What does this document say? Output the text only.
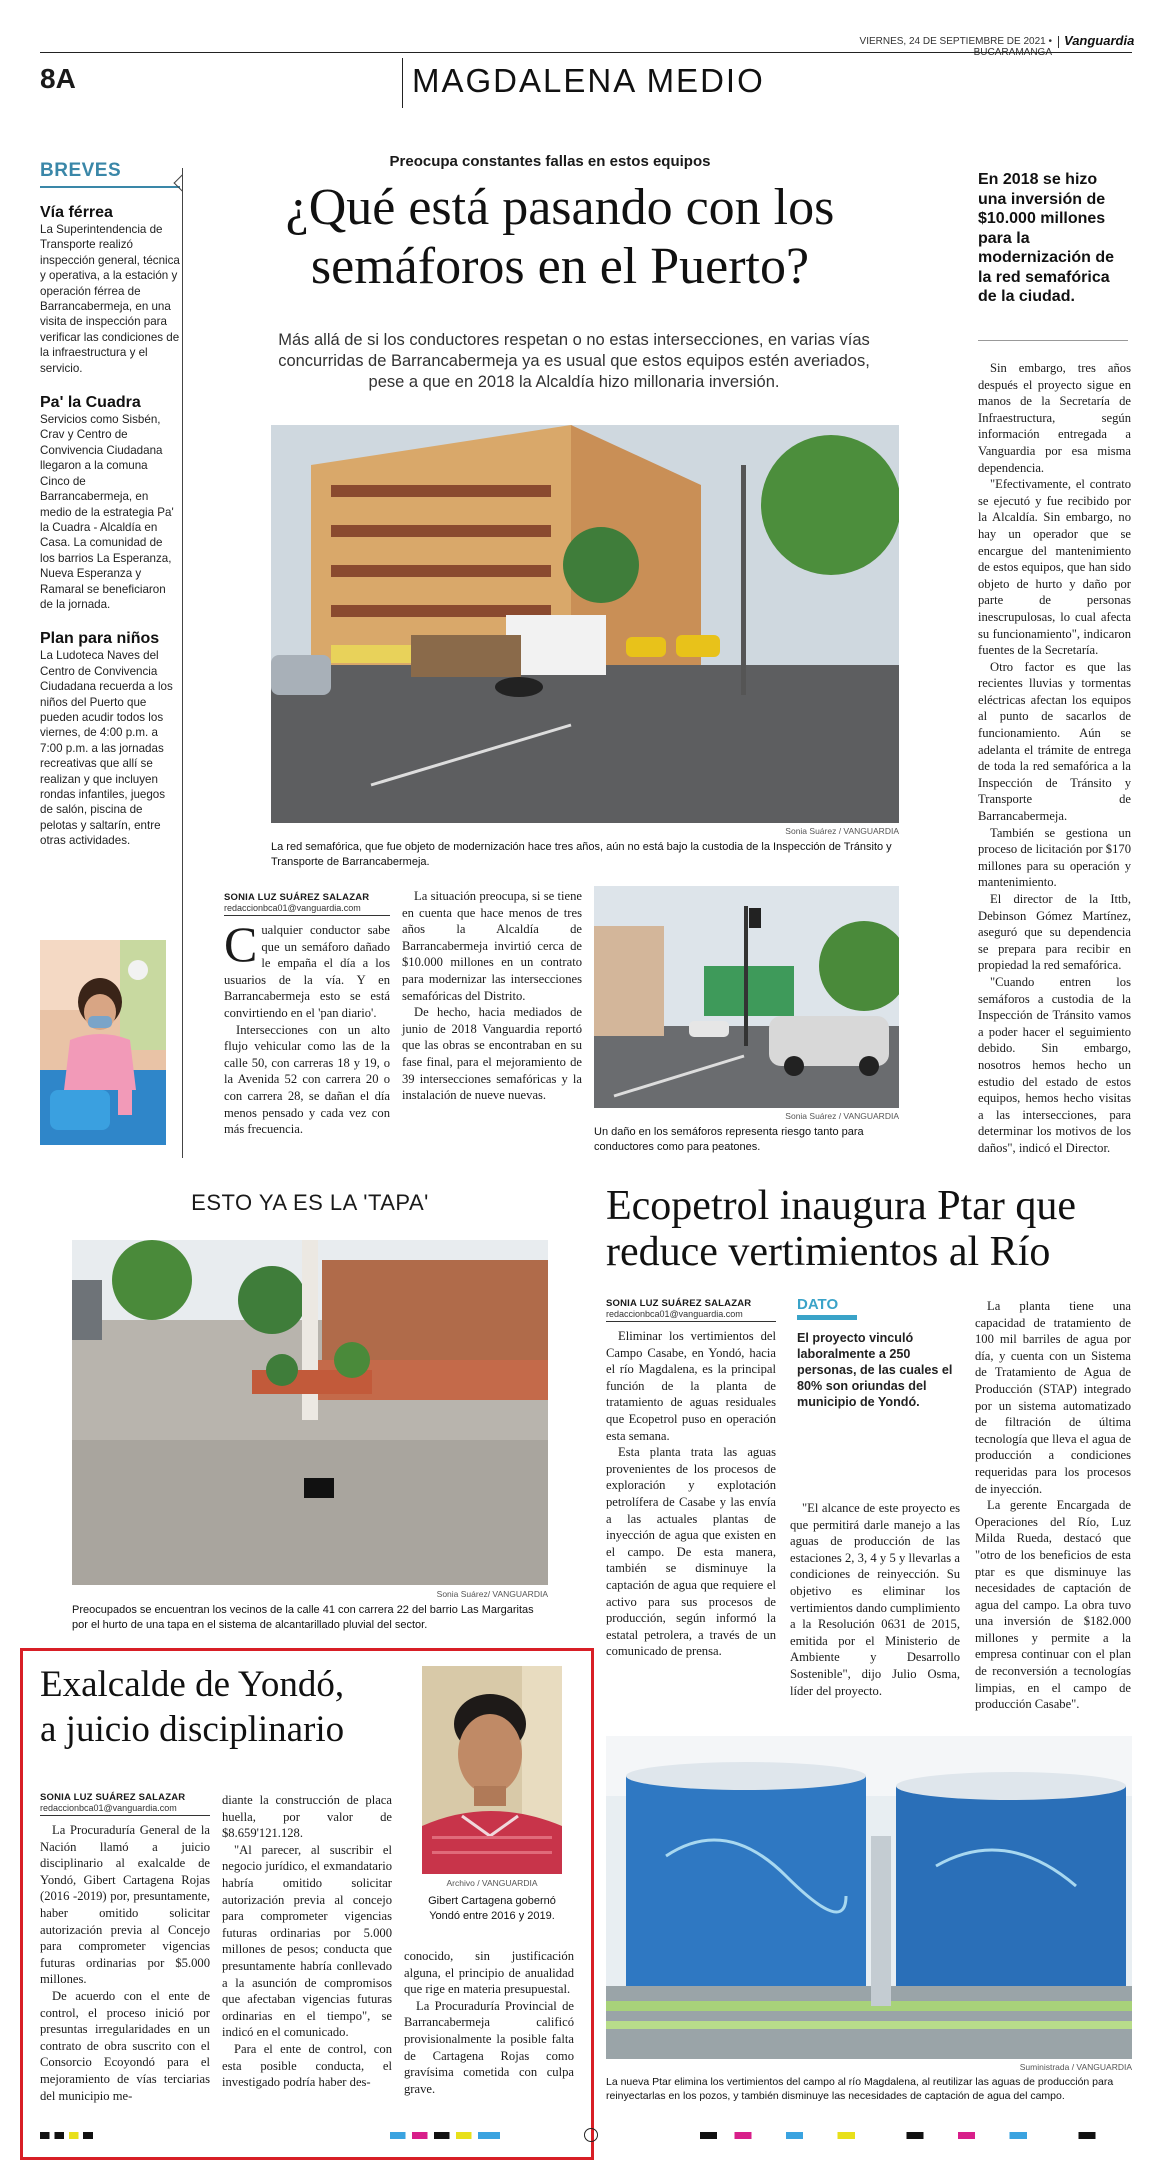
VIERNES, 24 DE SEPTIEMBRE DE 2021 • Vanguardia
8A	MAGDALENA MEDIO
BREVES
Vía férrea
La Superintendencia de Transporte realizó inspección general, técnica y operativa, a la estación y operación férrea de Barrancabermeja, en una visita de inspección para verificar las condiciones de la infraestructura y el servicio.
Pa' la Cuadra
Servicios como Sisbén, Crav y Centro de Convivencia Ciudadana llegaron a la comuna Cinco de Barrancabermeja, en medio de la estrategia Pa' la Cuadra - Alcaldía en Casa. La comunidad de los barrios La Esperanza, Nueva Esperanza y Ramaral se beneficiaron de la jornada.
Plan para niños
La Ludoteca Naves del Centro de Convivencia Ciudadana recuerda a los niños del Puerto que pueden acudir todos los viernes, de 4:00 p.m. a 7:00 p.m. a las jornadas recreativas que allí se realizan y que incluyen rondas infantiles, juegos de salón, piscina de pelotas y saltarín, entre otras actividades.
Preocupa constantes fallas en estos equipos
¿Qué está pasando con los
semáforos en el Puerto?
Más allá de si los conductores respetan o no estas intersecciones, en varias vías concurridas de Barrancabermeja ya es usual que estos equipos estén averiados, pese a que en 2018 la Alcaldía hizo millonaria inversión.
En 2018 se hizo una inversión de $10.000 millones para la modernización de la red semafórica de la ciudad.
Sonia Suárez / VANGUARDIA
La red semafórica, que fue objeto de modernización hace tres años, aún no está bajo la custodia de la Inspección de Tránsito y Transporte de Barrancabermeja.
SONIA LUZ SUÁREZ SALAZAR
redaccionbca01@vanguardia.com

Cualquier conductor sabe que un semáforo dañado le empaña el día a los usuarios de la vía. Y en Barrancabermeja esto se está convirtiendo en el 'pan diario'.

Intersecciones con un alto flujo vehicular como las de la calle 50, con carreras 18 y 19, o la Avenida 52 con carrera 20 o con carrera 28, se dañan el día menos pensado y cada vez con más frecuencia.

La situación preocupa, si se tiene en cuenta que hace menos de tres años la Alcaldía de Barrancabermeja invirtió cerca de $10.000 millones en un contrato para modernizar las intersecciones semafóricas del Distrito.

De hecho, hacia mediados de junio de 2018 Vanguardia reportó que las obras se encontraban en su fase final, para el mejoramiento de 39 intersecciones semafóricas y la instalación de nueve nuevas.

Sonia Suárez / VANGUARDIA
Un daño en los semáforos representa riesgo tanto para conductores como para peatones.

Sin embargo, tres años después el proyecto sigue en manos de la Secretaría de Infraestructura, según información entregada a Vanguardia por esa misma dependencia.

"Efectivamente, el contrato se ejecutó y fue recibido por la Alcaldía. Sin embargo, no hay un operador que se encargue del mantenimiento de estos equipos, que han sido objeto de hurto y daño por parte de personas inescrupulosas, lo cual afecta su funcionamiento", indicaron fuentes de la Secretaría.

Otro factor es que las recientes lluvias y tormentas eléctricas afectan los equipos al punto de sacarlos de funcionamiento. Aún se adelanta el trámite de entrega de toda la red semafórica a la Inspección de Tránsito y Transporte de Barrancabermeja.

También se gestiona un proceso de licitación por $170 millones para su operación y mantenimiento.

El director de la Ittb, Debinson Gómez Martínez, aseguró que su dependencia se prepara para recibir en propiedad la red semafórica.

"Cuando entren los semáforos a custodia de la Inspección de Tránsito vamos a poder hacer el seguimiento debido. Sin embargo, nosotros hemos hecho un estudio del estado de estos equipos, hemos hecho visitas a las intersecciones, para determinar los motivos de los daños", indicó el Director.

ESTO YA ES LA 'TAPA'
Sonia Suárez/ VANGUARDIA
Preocupados se encuentran los vecinos de la calle 41 con carrera 22 del barrio Las Margaritas por el hurto de una tapa en el sistema de alcantarillado pluvial del sector.
Ecopetrol inaugura Ptar que
reduce vertimientos al Río
SONIA LUZ SUÁREZ SALAZAR
redaccionbca01@vanguardia.com

Eliminar los vertimientos del Campo Casabe, en Yondó, hacia el río Magdalena, es la principal función de la planta de tratamiento de aguas residuales que Ecopetrol puso en operación esta semana.

Esta planta trata las aguas provenientes de los procesos de exploración y explotación petrolífera de Casabe y las envía a las actuales plantas de inyección de agua que existen en el campo. De esta manera, también se disminuye la captación de agua que requiere el activo para sus procesos de producción, según informó la estatal petrolera, a través de un comunicado de prensa.

DATO
El proyecto vinculó laboralmente a 250 personas, de las cuales el 80% son oriundas del municipio de Yondó.

"El alcance de este proyecto es que permitirá darle manejo a las aguas de producción de las estaciones 2, 3, 4 y 5 y llevarlas a condiciones de reinyección. Su objetivo es eliminar los vertimientos dando cumplimiento a la Resolución 0631 de 2015, emitida por el Ministerio de Ambiente y Desarrollo Sostenible", dijo Julio Osma, líder del proyecto.

La planta tiene una capacidad de tratamiento de 100 mil barriles de agua por día, y cuenta con un Sistema de Tratamiento de Agua de Producción (STAP) integrado por un sistema automatizado de filtración de última tecnología que lleva el agua de producción a condiciones requeridas para los procesos de inyección.

La gerente Encargada de Operaciones del Río, Luz Milda Rueda, destacó que "otro de los beneficios de esta ptar es que disminuye las necesidades de captación de agua del campo. La obra tuvo una inversión de $182.000 millones y permite a la empresa continuar con el plan de reconversión a tecnologías limpias, en el campo de producción Casabe".

Suministrada / VANGUARDIA
La nueva Ptar elimina los vertimientos del campo al río Magdalena, al reutilizar las aguas de producción para reinyectarlas en los pozos, y también disminuye las necesidades de captación de agua del campo.
Exalcalde de Yondó,
a juicio disciplinario
SONIA LUZ SUÁREZ SALAZAR
redaccionbca01@vanguardia.com

La Procuraduría General de la Nación llamó a juicio disciplinario al exalcalde de Yondó, Gibert Cartagena Rojas (2016 -2019) por, presuntamente, haber omitido solicitar autorización previa al Concejo para comprometer vigencias futuras ordinarias por $5.000 millones.

De acuerdo con el ente de control, el proceso inició por presuntas irregularidades en un contrato de obra suscrito con el Consorcio Ecoyondó para el mejoramiento de vías terciarias del municipio me-

diante la construcción de placa huella, por valor de $8.659'121.128.

"Al parecer, al suscribir el negocio jurídico, el exmandatario habría omitido solicitar autorización previa al concejo para comprometer vigencias futuras ordinarias por 5.000 millones de pesos; conducta que presuntamente habría conllevado a la asunción de compromisos que afectaban vigencias futuras ordinarias en el tiempo", se indicó en el comunicado.

Para el ente de control, con esta posible conducta, el investigado podría haber des-

Archivo / VANGUARDIA
Gibert Cartagena gobernó Yondó entre 2016 y 2019.

conocido, sin justificación alguna, el principio de anualidad que rige en materia presupuestal.

La Procuraduría Provincial de Barrancabermeja calificó provisionalmente la posible falta de Cartagena Rojas como gravísima cometida con culpa grave.
